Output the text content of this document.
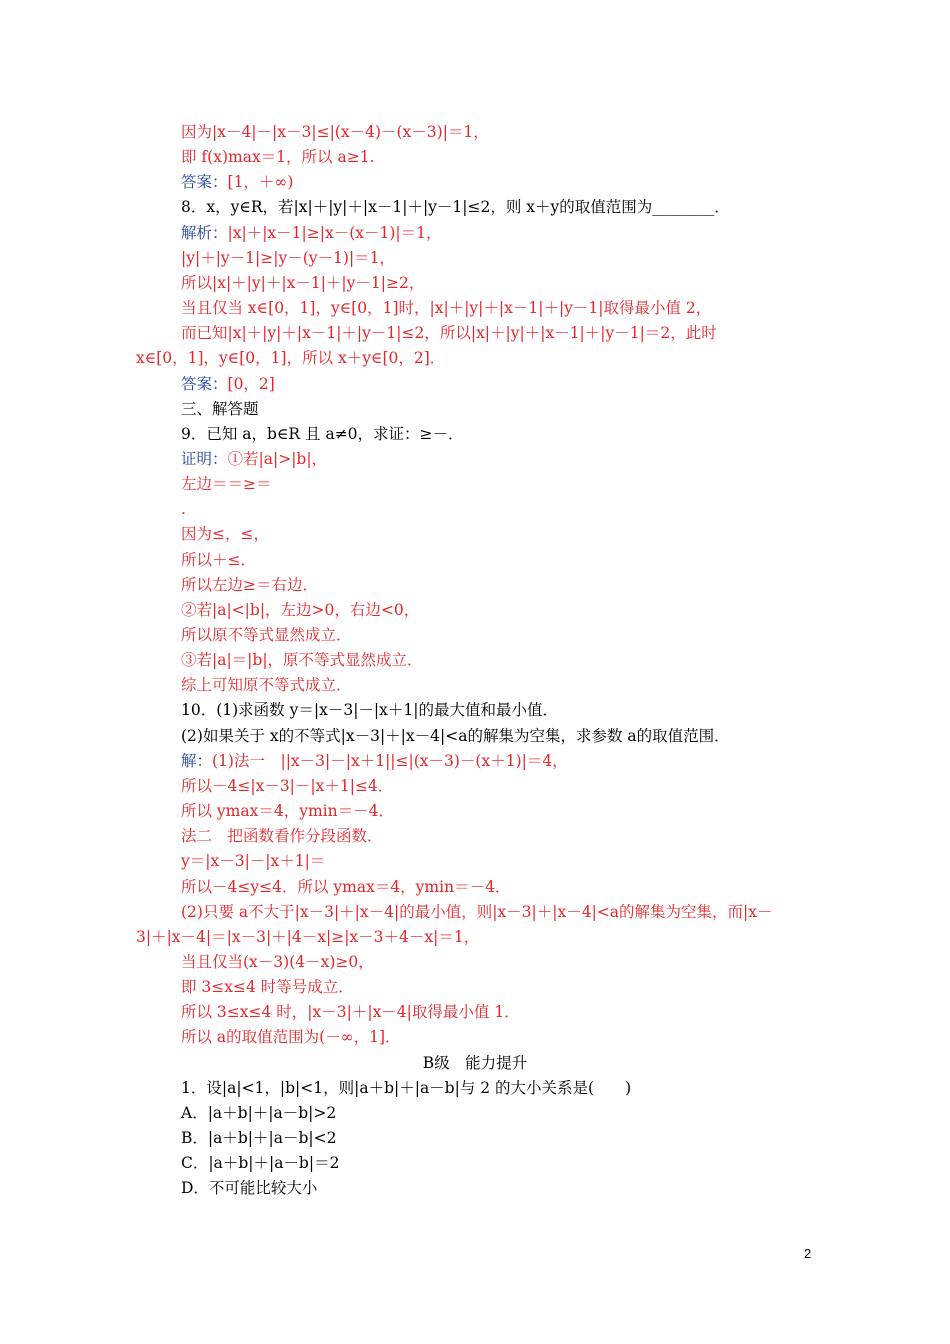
因为|x－4|－|x－3|≤|(x－4)－(x－3)|＝1，
即 f(x)max＝1，所以 a≥1.
答案：[1，＋∞)
8．x，y∈R，若|x|＋|y|＋|x－1|＋|y－1|≤2，则 x＋y的取值范围为________．
解析：|x|＋|x－1|≥|x－(x－1)|＝1，
|y|＋|y－1|≥|y－(y－1)|＝1，
所以|x|＋|y|＋|x－1|＋|y－1|≥2，
当且仅当 x∈[0，1]，y∈[0，1]时，|x|＋|y|＋|x－1|＋|y－1|取得最小值 2，
而已知|x|＋|y|＋|x－1|＋|y－1|≤2，所以|x|＋|y|＋|x－1|＋|y－1|＝2，此时
x∈[0，1]，y∈[0，1]，所以 x＋y∈[0，2]．
答案：[0，2]
三、解答题
9．已知 a，b∈R 且 a≠0，求证：≥－．
证明：①若|a|>|b|，
左边＝＝≥＝
.
因为≤，≤，
所以＋≤．
所以左边≥＝右边．
②若|a|<|b|，左边>0，右边<0，
所以原不等式显然成立．
③若|a|＝|b|，原不等式显然成立．
综上可知原不等式成立．
10．(1)求函数 y＝|x－3|－|x＋1|的最大值和最小值．
(2)如果关于 x的不等式|x－3|＋|x－4|<a的解集为空集，求参数 a的取值范围．
解：(1)法一　||x－3|－|x＋1||≤|(x－3)－(x＋1)|＝4，
所以－4≤|x－3|－|x＋1|≤4．
所以 ymax＝4，ymin＝－4．
法二　把函数看作分段函数．
y＝|x－3|－|x＋1|＝
所以－4≤y≤4．所以 ymax＝4，ymin＝－4．
(2)只要 a不大于|x－3|＋|x－4|的最小值，则|x－3|＋|x－4|<a的解集为空集，而|x－
3|＋|x－4|＝|x－3|＋|4－x|≥|x－3＋4－x|＝1，
当且仅当(x－3)(4－x)≥0，
即 3≤x≤4 时等号成立．
所以 3≤x≤4 时，|x－3|＋|x－4|取得最小值 1．
所以 a的取值范围为(－∞，1]．
B级　能力提升
1．设|a|<1，|b|<1，则|a＋b|＋|a－b|与 2 的大小关系是(　　)
A．|a＋b|＋|a－b|>2
B．|a＋b|＋|a－b|<2
C．|a＋b|＋|a－b|＝2
D．不可能比较大小
2
